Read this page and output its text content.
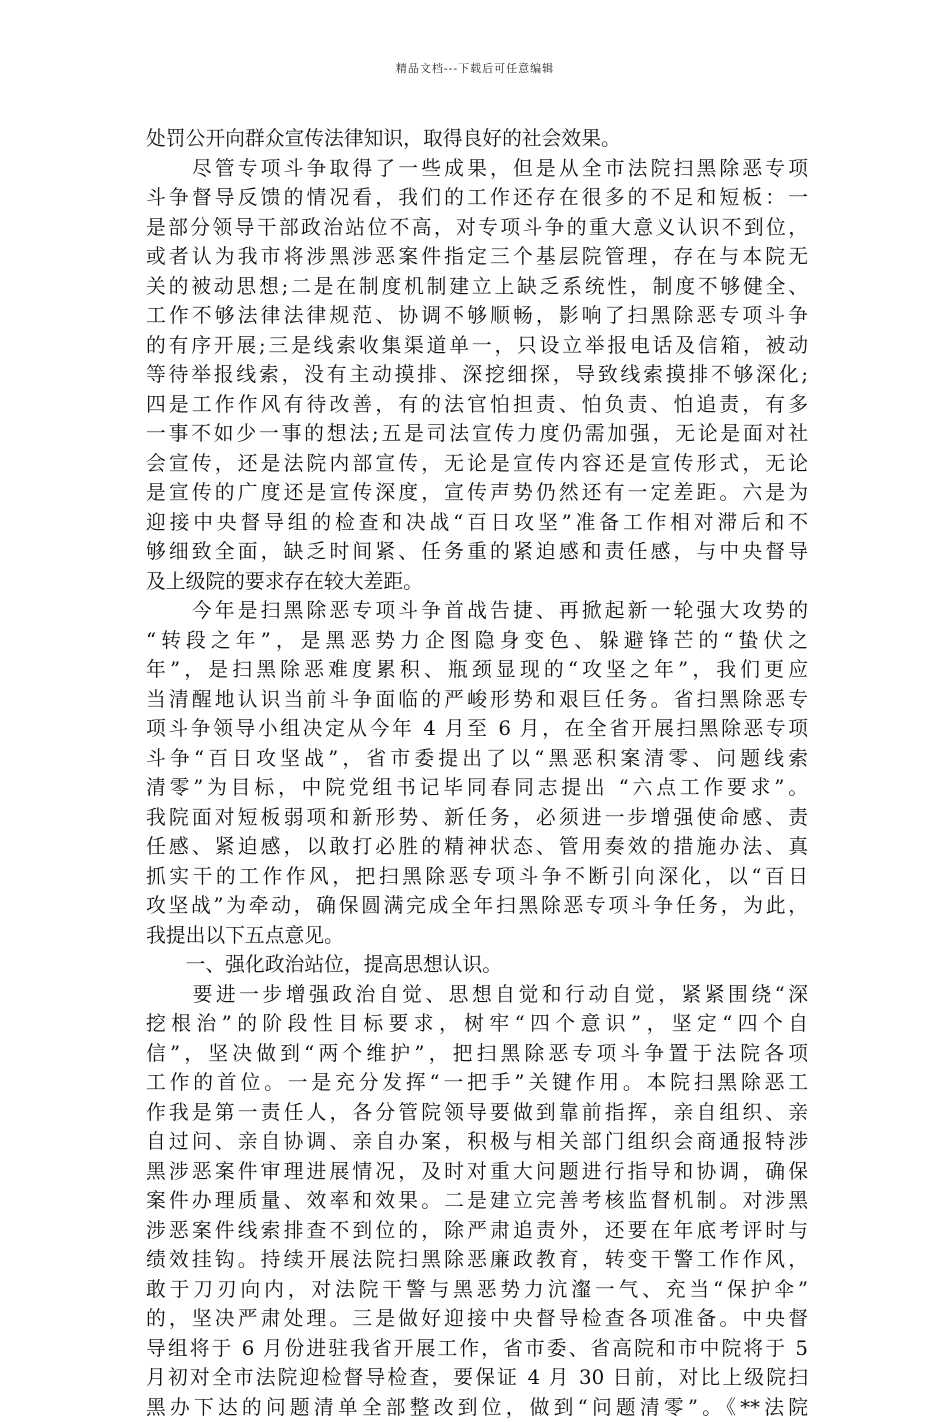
精品文档---下载后可任意编辑
处罚公开向群众宣传法律知识，取得良好的社会效果。
　　尽管专项斗争取得了一些成果，但是从全市法院扫黑除恶专项
斗争督导反馈的情况看，我们的工作还存在很多的不足和短板：一
是部分领导干部政治站位不高，对专项斗争的重大意义认识不到位，
或者认为我市将涉黑涉恶案件指定三个基层院管理，存在与本院无
关的被动思想;二是在制度机制建立上缺乏系统性，制度不够健全、
工作不够法律法律规范、协调不够顺畅，影响了扫黑除恶专项斗争
的有序开展;三是线索收集渠道单一，只设立举报电话及信箱，被动
等待举报线索，没有主动摸排、深挖细探，导致线索摸排不够深化;
四是工作作风有待改善，有的法官怕担责、怕负责、怕追责，有多
一事不如少一事的想法;五是司法宣传力度仍需加强，无论是面对社
会宣传，还是法院内部宣传，无论是宣传内容还是宣传形式，无论
是宣传的广度还是宣传深度，宣传声势仍然还有一定差距。六是为
迎接中央督导组的检查和决战“百日攻坚”准备工作相对滞后和不
够细致全面，缺乏时间紧、任务重的紧迫感和责任感，与中央督导
及上级院的要求存在较大差距。
　　今年是扫黑除恶专项斗争首战告捷、再掀起新一轮强大攻势的
“转段之年”，是黑恶势力企图隐身变色、躲避锋芒的“蛰伏之
年”，是扫黑除恶难度累积、瓶颈显现的“攻坚之年”，我们更应
当清醒地认识当前斗争面临的严峻形势和艰巨任务。省扫黑除恶专
项斗争领导小组决定从今年 4 月至 6 月，在全省开展扫黑除恶专项
斗争“百日攻坚战”，省市委提出了以“黑恶积案清零、问题线索
清零”为目标，中院党组书记毕同春同志提出 “六点工作要求”。
我院面对短板弱项和新形势、新任务，必须进一步增强使命感、责
任感、紧迫感，以敢打必胜的精神状态、管用奏效的措施办法、真
抓实干的工作作风，把扫黑除恶专项斗争不断引向深化，以“百日
攻坚战”为牵动，确保圆满完成全年扫黑除恶专项斗争任务，为此，
我提出以下五点意见。
　　一、强化政治站位，提高思想认识。
　　要进一步增强政治自觉、思想自觉和行动自觉，紧紧围绕“深
挖根治”的阶段性目标要求，树牢“四个意识”，坚定“四个自
信”，坚决做到“两个维护”，把扫黑除恶专项斗争置于法院各项
工作的首位。一是充分发挥“一把手”关键作用。本院扫黑除恶工
作我是第一责任人，各分管院领导要做到靠前指挥，亲自组织、亲
自过问、亲自协调、亲自办案，积极与相关部门组织会商通报特涉
黑涉恶案件审理进展情况，及时对重大问题进行指导和协调，确保
案件办理质量、效率和效果。二是建立完善考核监督机制。对涉黑
涉恶案件线索排查不到位的，除严肃追责外，还要在年底考评时与
绩效挂钩。持续开展法院扫黑除恶廉政教育，转变干警工作作风，
敢于刀刃向内，对法院干警与黑恶势力沆瀣一气、充当“保护伞”
的，坚决严肃处理。三是做好迎接中央督导检查各项准备。中央督
导组将于 6 月份进驻我省开展工作，省市委、省高院和市中院将于 5
月初对全市法院迎检督导检查，要保证 4 月 30 日前，对比上级院扫
黑办下达的问题清单全部整改到位，做到“问题清零”。《**法院
